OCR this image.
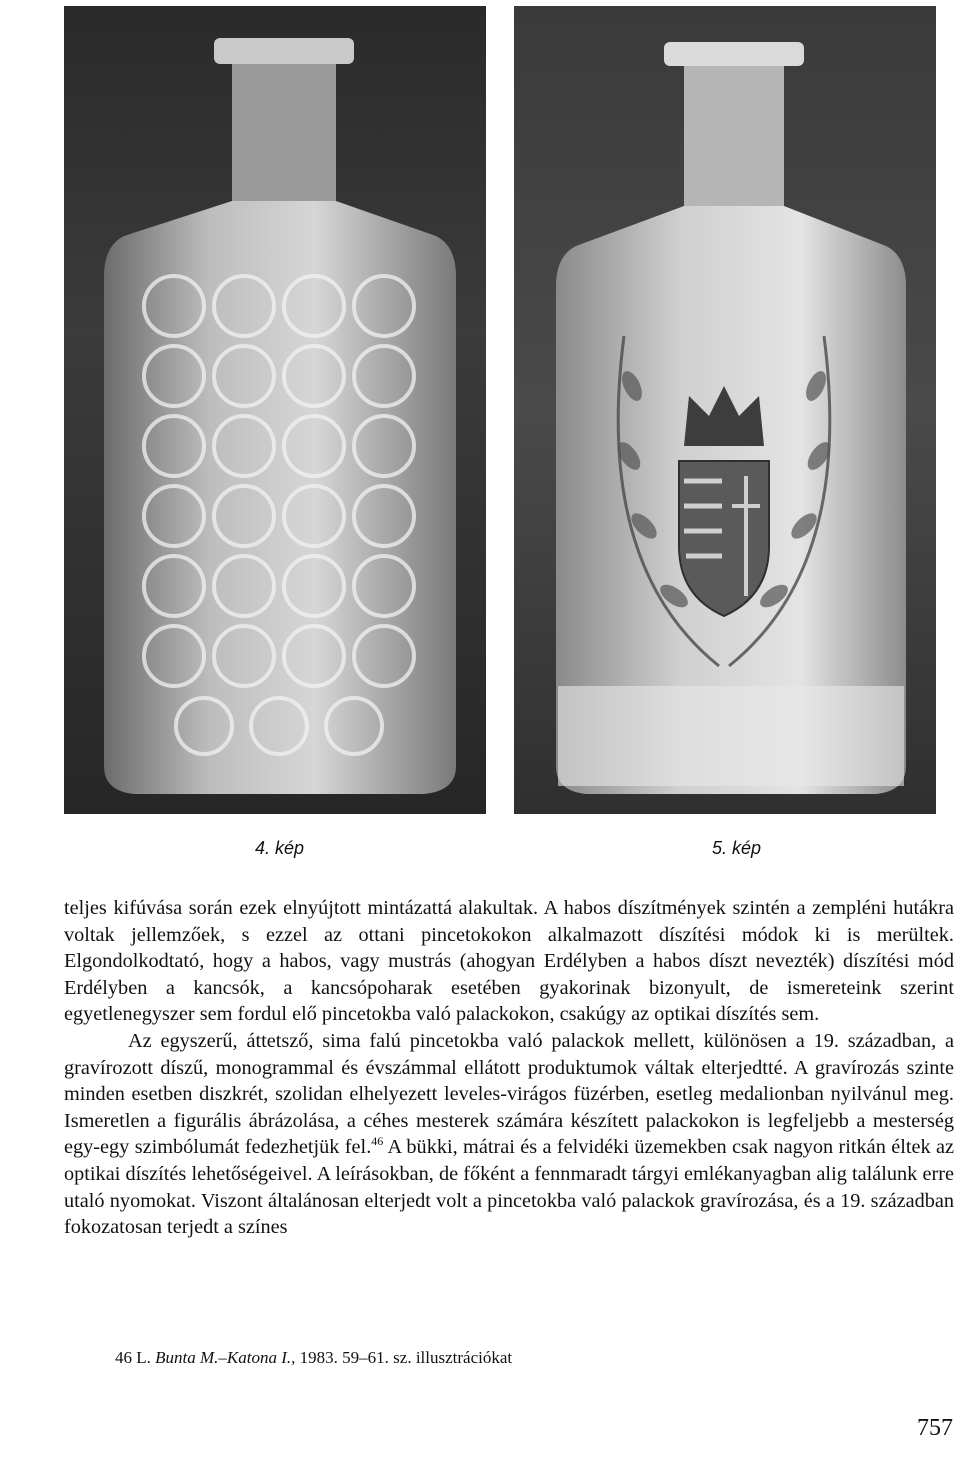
4. kép	5. kép

teljes kifúvása során ezek elnyújtott mintázattá alakultak. A habos díszítmények szintén a zempléni hutákra voltak jellemzőek, s ezzel az ottani pincetokokon alkalmazott díszítési módok ki is merültek. Elgondolkodtató, hogy a habos, vagy mustrás (ahogyan Erdélyben a habos díszt nevezték) díszítési mód Erdélyben a kancsók, a kancsópoharak esetében gyakorinak bizonyult, de ismereteink szerint egyetlenegyszer sem fordul elő pincetokba való palackokon, csakúgy az optikai díszítés sem.

Az egyszerű, áttetsző, sima falú pincetokba való palackok mellett, különösen a 19. században, a gravírozott díszű, monogrammal és évszámmal ellátott produktumok váltak elterjedtté. A gravírozás szinte minden esetben diszkrét, szolidan elhelyezett leveles-virágos füzérben, esetleg medalionban nyilvánul meg. Ismeretlen a figurális ábrázolása, a céhes mesterek számára készített palackokon is legfeljebb a mesterség egy-egy szimbólumát fedezhetjük fel.$^{46}$ A bükki, mátrai és a felvidéki üzemekben csak nagyon ritkán éltek az optikai díszítés lehetőségeivel. A leírásokban, de főként a fennmaradt tárgyi emlékanyagban alig találunk erre utaló nyomokat. Viszont általánosan elterjedt volt a pincetokba való palackok gravírozása, és a 19. században fokozatosan terjedt a színes

46 L. Bunta M.–Katona I., 1983. 59–61. sz. illusztrációkat
757
